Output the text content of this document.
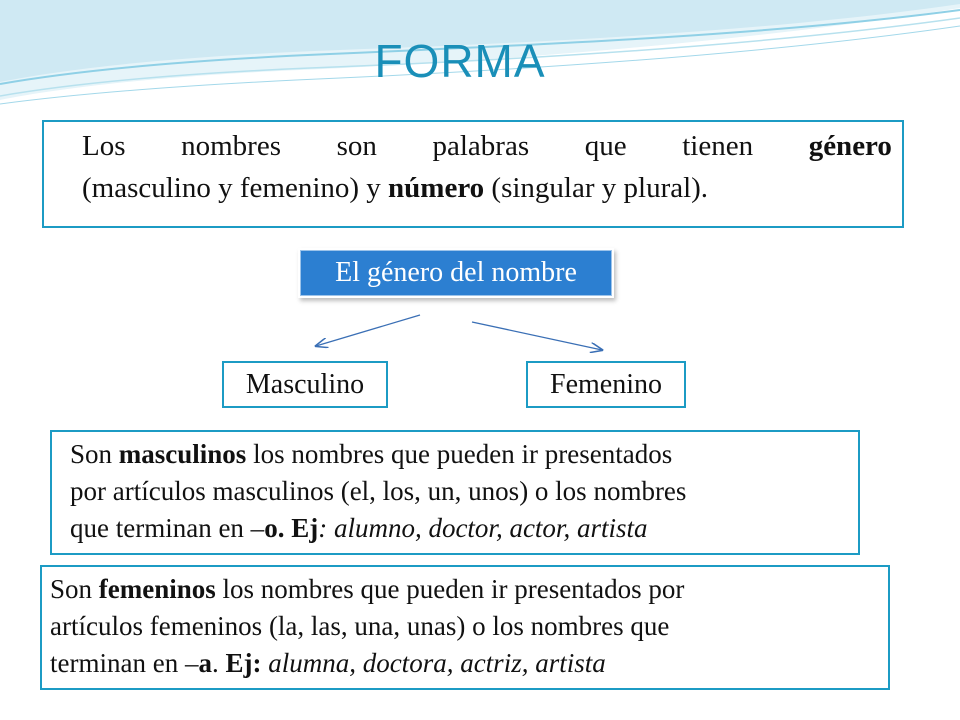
FORMA
Los nombres son palabras que tienen género
(masculino y femenino) y número (singular y plural).
El género del nombre
Masculino	Femenino
Son masculinos los nombres que pueden ir presentados
por artículos masculinos (el, los, un, unos) o los nombres
que terminan en –o. Ej: alumno, doctor, actor, artista
Son femeninos los nombres que pueden ir presentados por
artículos femeninos (la, las, una, unas) o los nombres que
terminan en –a. Ej: alumna, doctora, actriz, artista
